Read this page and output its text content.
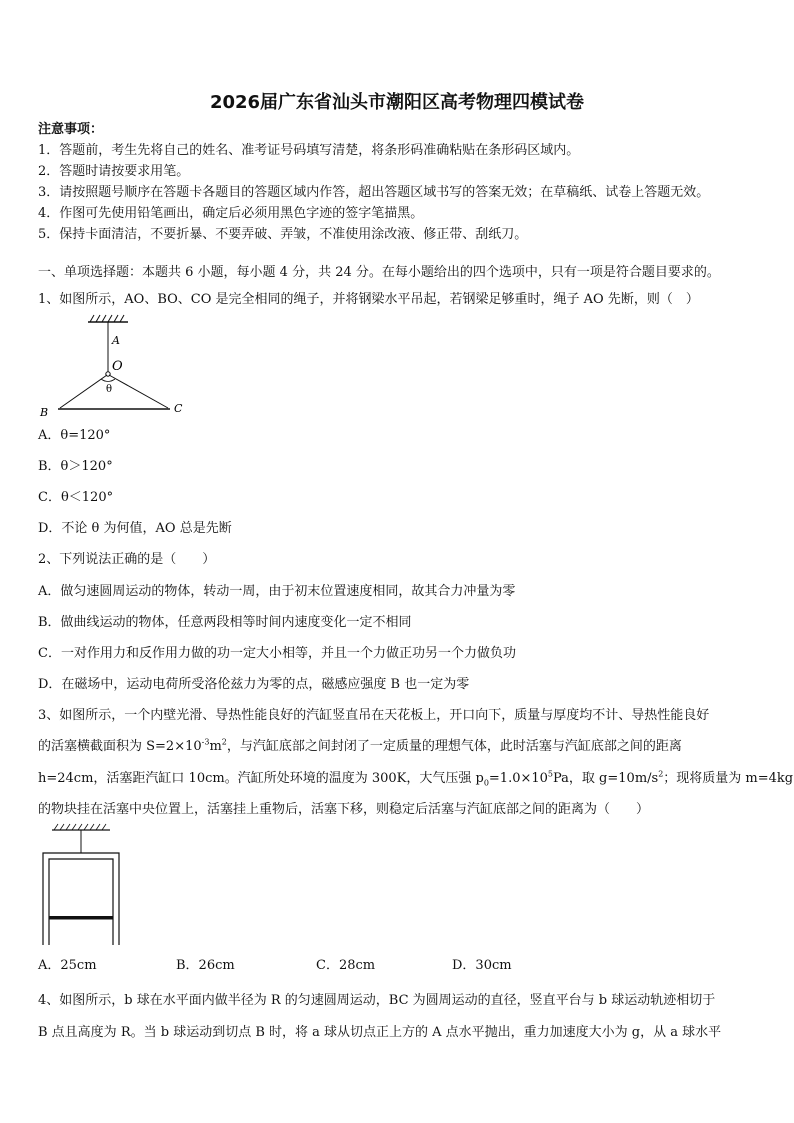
2026届广东省汕头市潮阳区高考物理四模试卷
注意事项：
1．答题前，考生先将自己的姓名、准考证号码填写清楚，将条形码准确粘贴在条形码区域内。
2．答题时请按要求用笔。
3．请按照题号顺序在答题卡各题目的答题区域内作答，超出答题区域书写的答案无效；在草稿纸、试卷上答题无效。
4．作图可先使用铅笔画出，确定后必须用黑色字迹的签字笔描黑。
5．保持卡面清洁，不要折暴、不要弄破、弄皱，不准使用涂改液、修正带、刮纸刀。
一、单项选择题：本题共 6 小题，每小题 4 分，共 24 分。在每小题给出的四个选项中，只有一项是符合题目要求的。
1、如图所示，AO、BO、CO 是完全相同的绳子，并将钢梁水平吊起，若钢梁足够重时，绳子 AO 先断，则（　）
A
O
θ
B	C
A．θ=120°
B．θ＞120°
C．θ＜120°
D．不论 θ 为何值，AO 总是先断
2、下列说法正确的是（　　）
A．做匀速圆周运动的物体，转动一周，由于初末位置速度相同，故其合力冲量为零
B．做曲线运动的物体，任意两段相等时间内速度变化一定不相同
C．一对作用力和反作用力做的功一定大小相等，并且一个力做正功另一个力做负功
D．在磁场中，运动电荷所受洛伦兹力为零的点，磁感应强度 B 也一定为零
3、如图所示，一个内壁光滑、导热性能良好的汽缸竖直吊在天花板上，开口向下，质量与厚度均不计、导热性能良好
的活塞横截面积为 $S=2\times 10^{-3}m^2$，与汽缸底部之间封闭了一定质量的理想气体，此时活塞与汽缸底部之间的距离
h=24cm，活塞距汽缸口 10cm。汽缸所处环境的温度为 300K，大气压强 $p_0=1.0\times 10^5Pa$，取 $g=10m/s^2$；现将质量为 m=4kg
的物块挂在活塞中央位置上，活塞挂上重物后，活塞下移，则稳定后活塞与汽缸底部之间的距离为（　　）
A．25cm	B．26cm	C．28cm	D．30cm
4、如图所示，b 球在水平面内做半径为 R 的匀速圆周运动，BC 为圆周运动的直径，竖直平台与 b 球运动轨迹相切于
B 点且高度为 R。当 b 球运动到切点 B 时，将 a 球从切点正上方的 A 点水平抛出，重力加速度大小为 g，从 a 球水平
